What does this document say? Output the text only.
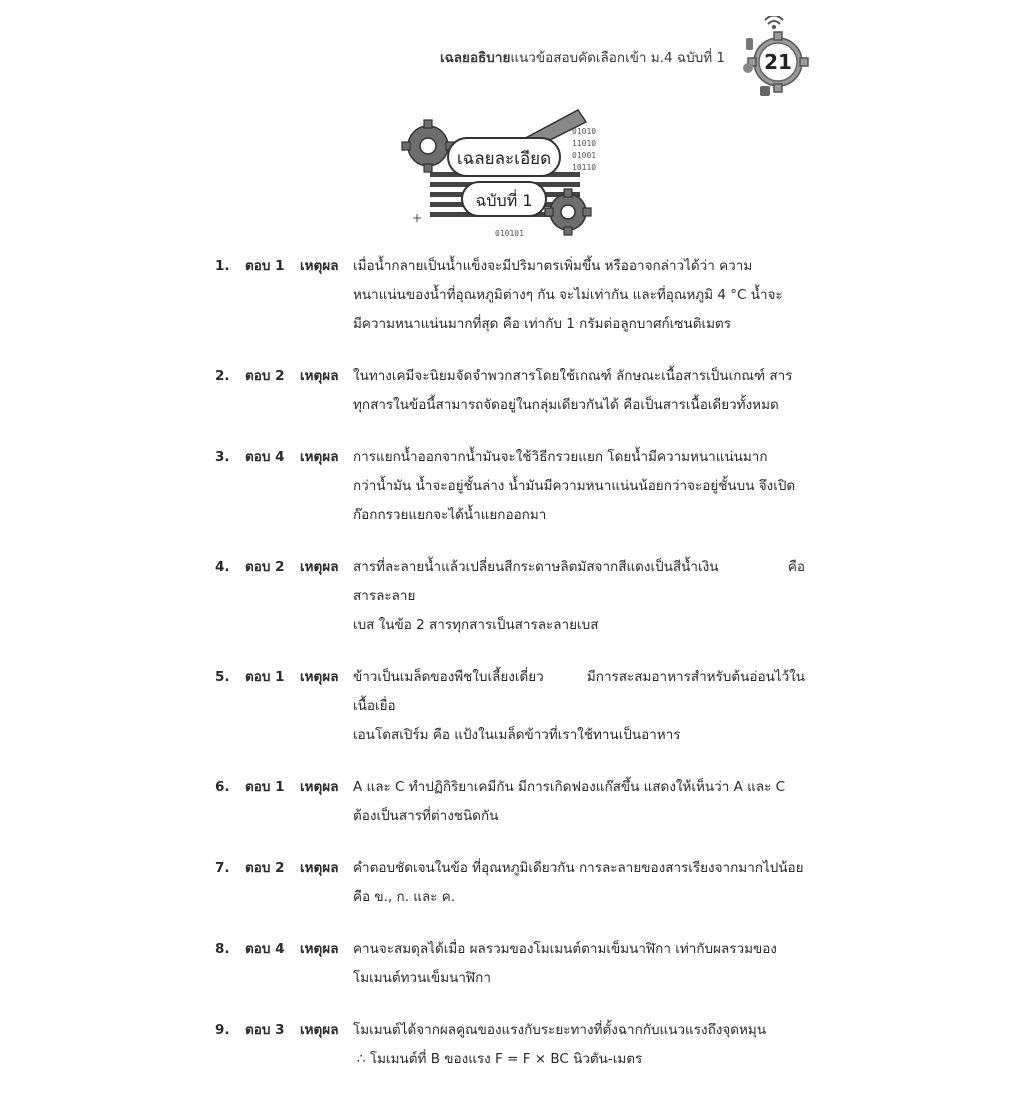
เฉลยอธิบายแนวข้อสอบคัดเลือกเข้า ม.4 ฉบับที่ 1 21
01010
11010
01001
10110
010101
+
เฉลยละเอียด
ฉบับที่ 1
1.	ตอบ 1	เหตุผล	เมื่อน้ำกลายเป็นน้ำแข็งจะมีปริมาตรเพิ่มขึ้น หรืออาจกล่าวได้ว่า ความ
หนาแน่นของน้ำที่อุณหภูมิต่างๆ กัน จะไม่เท่ากัน และที่อุณหภูมิ 4 °C น้ำจะ
มีความหนาแน่นมากที่สุด คือ เท่ากับ 1 กรัมต่อลูกบาศก์เซนติเมตร
2.	ตอบ 2	เหตุผล	ในทางเคมีจะนิยมจัดจำพวกสารโดยใช้เกณฑ์ ลักษณะเนื้อสารเป็นเกณฑ์ สาร
ทุกสารในข้อนี้สามารถจัดอยู่ในกลุ่มเดียวกันได้ คือเป็นสารเนื้อเดียวทั้งหมด
3.	ตอบ 4	เหตุผล	การแยกน้ำออกจากน้ำมันจะใช้วิธีกรวยแยก โดยน้ำมีความหนาแน่นมาก
กว่าน้ำมัน น้ำจะอยู่ชั้นล่าง น้ำมันมีความหนาแน่นน้อยกว่าจะอยู่ชั้นบน จึงเปิด
ก๊อกกรวยแยกจะได้น้ำแยกออกมา
4.	ตอบ 2	เหตุผล	สารที่ละลายน้ำแล้วเปลี่ยนสีกระดาษลิตมัสจากสีแดงเป็นสีน้ำเงิน คือ สารละลาย
เบส ในข้อ 2 สารทุกสารเป็นสารละลายเบส
5.	ตอบ 1	เหตุผล	ข้าวเป็นเมล็ดของพืชใบเลี้ยงเดี่ยว มีการสะสมอาหารสำหรับต้นอ่อนไว้ในเนื้อเยื่อ
เอนโดสเปิร์ม คือ แป้งในเมล็ดข้าวที่เราใช้ทานเป็นอาหาร
6.	ตอบ 1	เหตุผล	A และ C ทำปฏิกิริยาเคมีกัน มีการเกิดฟองแก๊สขึ้น แสดงให้เห็นว่า A และ C
ต้องเป็นสารที่ต่างชนิดกัน
7.	ตอบ 2	เหตุผล	คำตอบชัดเจนในข้อ ที่อุณหภูมิเดียวกัน การละลายของสารเรียงจากมากไปน้อย
คือ ข., ก. และ ค.
8.	ตอบ 4	เหตุผล	คานจะสมดุลได้เมื่อ ผลรวมของโมเมนต์ตามเข็มนาฬิกา เท่ากับผลรวมของ
โมเมนต์ทวนเข็มนาฬิกา
9.	ตอบ 3	เหตุผล	โมเมนต์ได้จากผลคูณของแรงกับระยะทางที่ตั้งฉากกับแนวแรงถึงจุดหมุน
∴ โมเมนต์ที่ B ของแรง F = F × BC นิวตัน-เมตร
